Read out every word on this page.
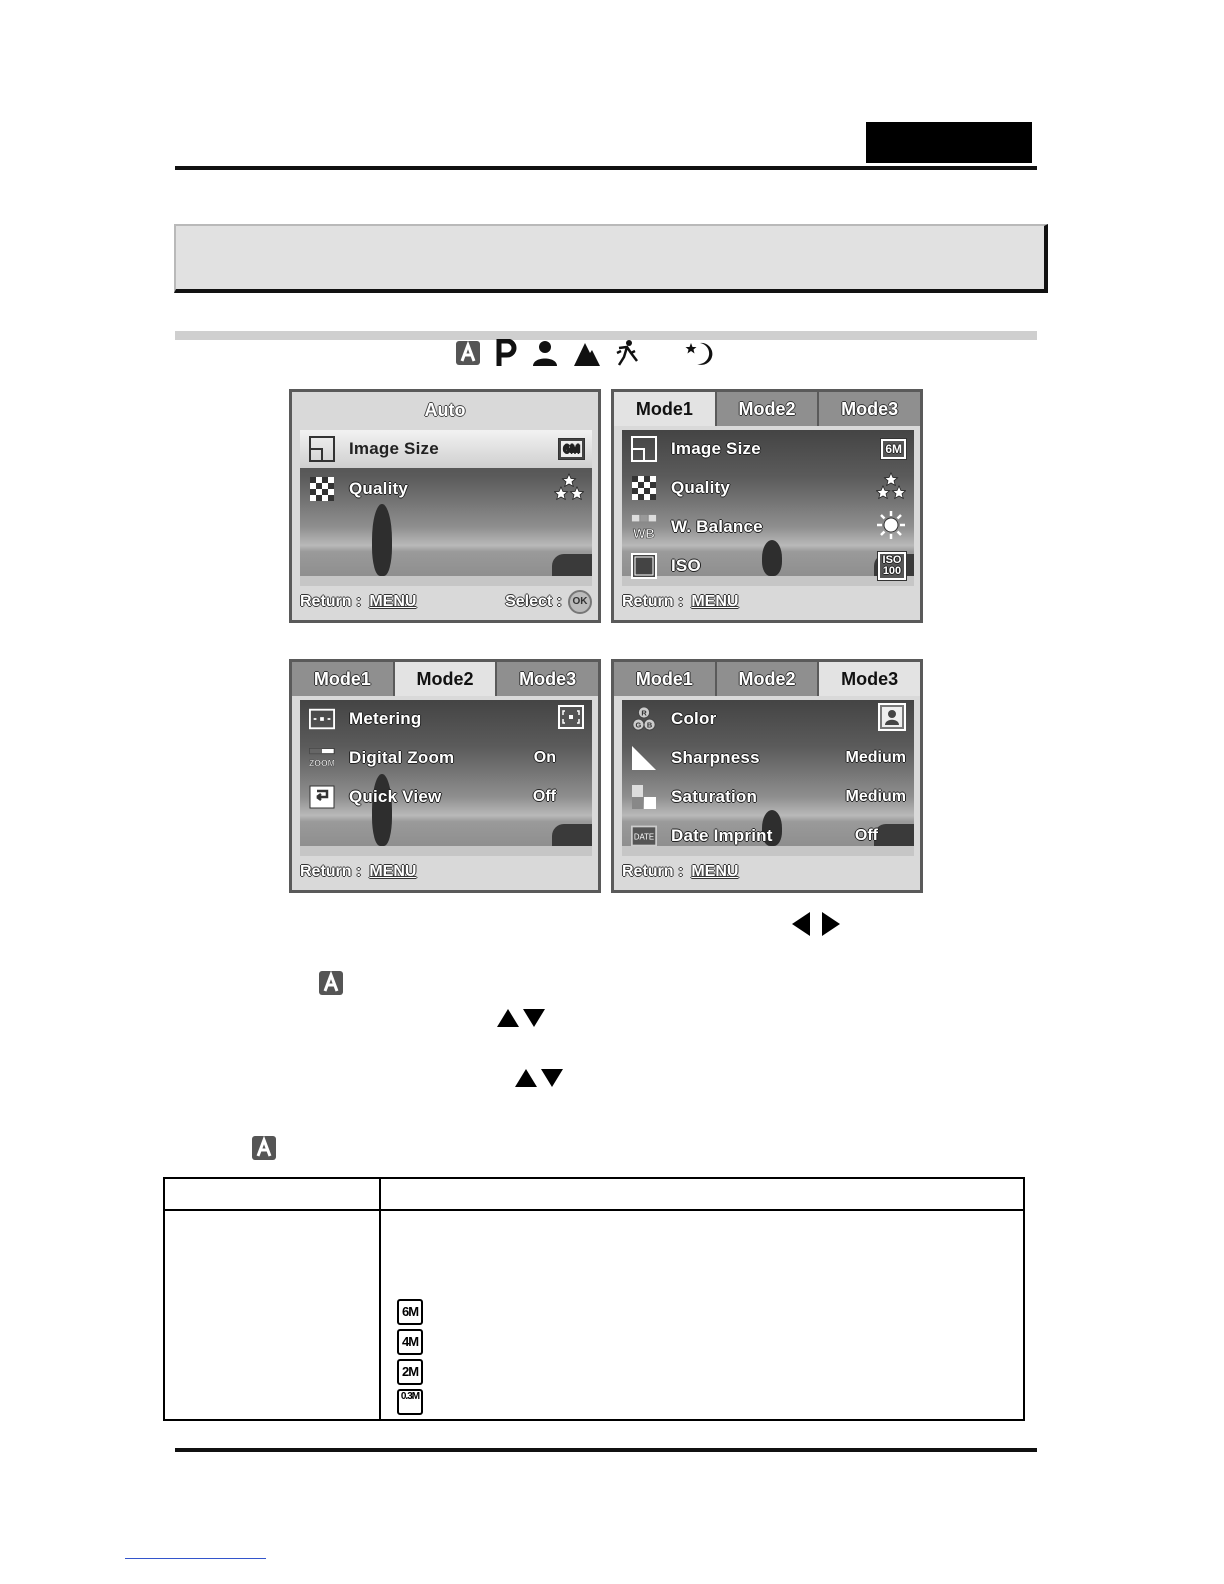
Auto
Image Size	6M
Quality
Return : MENU	Select :	OK
Mode1	Mode2	Mode3
Image Size	6M
Quality
WB W. Balance
ISO	ISO 100
Return : MENU
Mode1	Mode2	Mode3
Metering
ZOOM Digital Zoom	On
Quick View	Off
Return : MENU
Mode1	Mode2	Mode3
R
G B Color
Sharpness	Medium
Saturation	Medium
DATE Date Imprint	Off
Return : MENU
6M
4M
2M
0.3M
